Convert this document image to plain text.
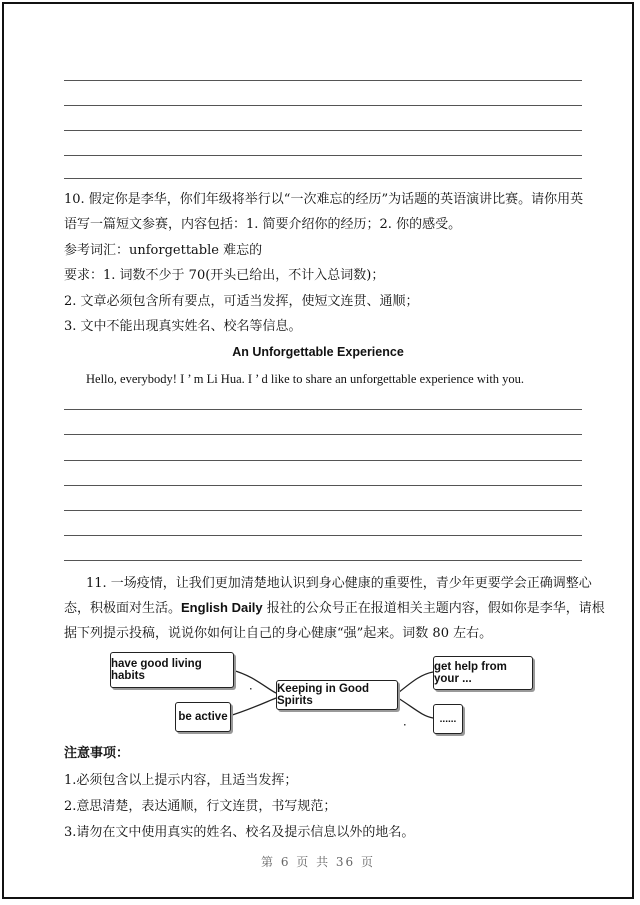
10. 假定你是李华，你们年级将举行以“一次难忘的经历”为话题的英语演讲比赛。请你用英
语写一篇短文参赛，内容包括：1. 简要介绍你的经历；2. 你的感受。
参考词汇：unforgettable 难忘的
要求：1. 词数不少于 70(开头已给出，不计入总词数)；
2. 文章必须包含所有要点，可适当发挥，使短文连贯、通顺；
3. 文中不能出现真实姓名、校名等信息。
An Unforgettable Experience
Hello, everybody! I ’ m Li Hua. I ’ d like to share an unforgettable experience with you.
11. 一场疫情，让我们更加清楚地认识到身心健康的重要性，青少年更要学会正确调整心
态，积极面对生活。English Daily 报社的公众号正在报道相关主题内容，假如你是李华，请根
据下列提示投稿，说说你如何让自己的身心健康“强”起来。词数 80 左右。
Keeping in Good Spirits
have good living habits
be active
get help from your ...
......
注意事项：
1.必须包含以上提示内容，且适当发挥；
2.意思清楚，表达通顺，行文连贯，书写规范；
3.请勿在文中使用真实的姓名、校名及提示信息以外的地名。
第 6 页 共 36 页
